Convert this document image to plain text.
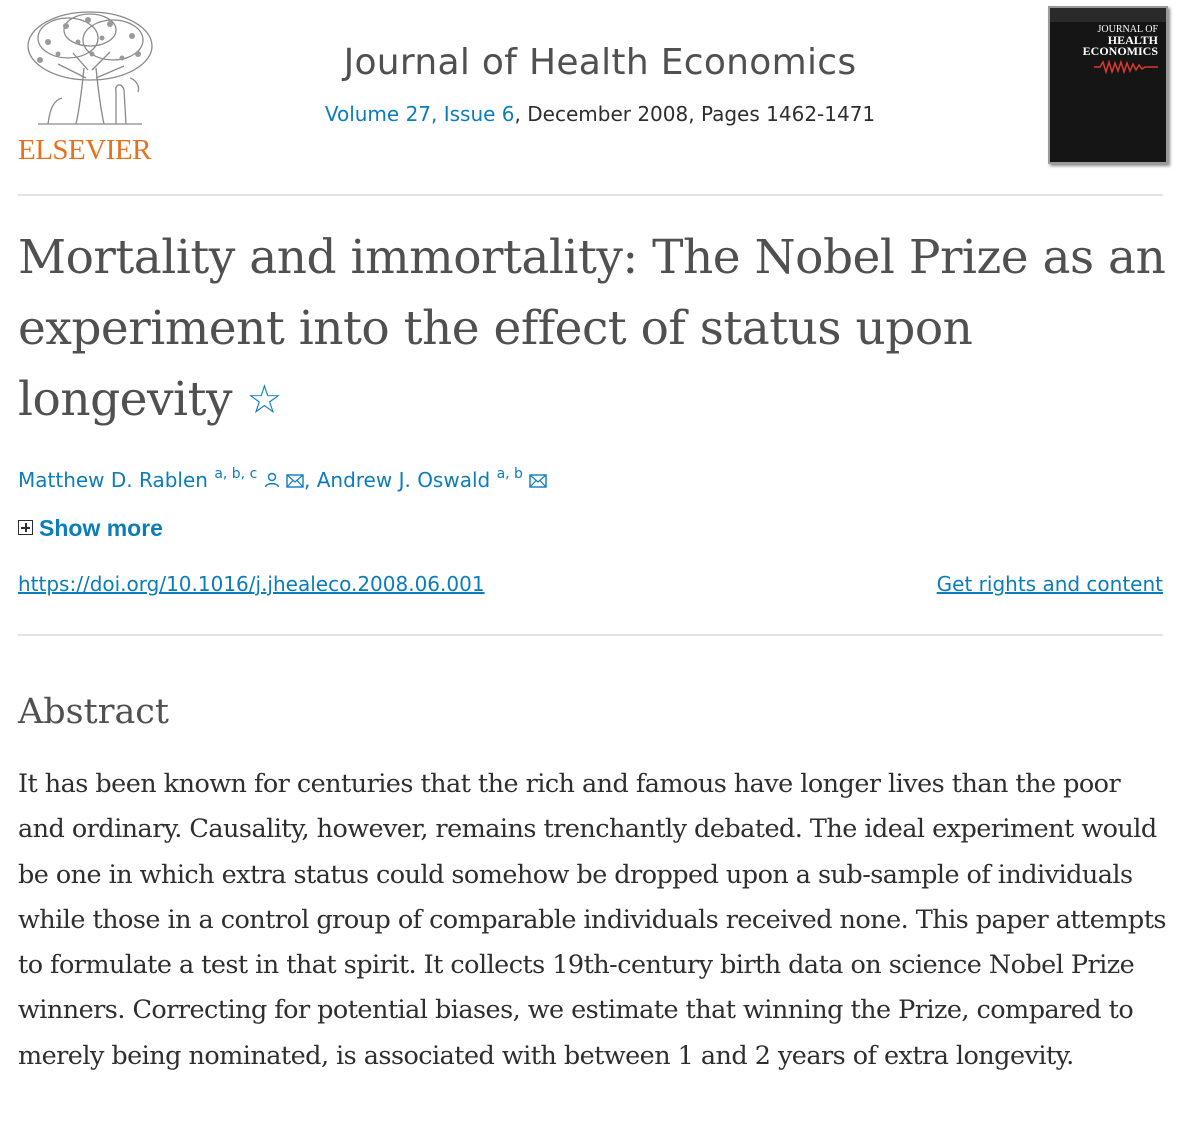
ELSEVIER
Journal of Health Economics
Volume 27, Issue 6, December 2008, Pages 1462-1471
JOURNAL OF
HEALTH
ECONOMICS
Mortality and immortality: The Nobel Prize as an experiment into the effect of status upon longevity ☆
Matthew D. Rablen $^{a, b, c}$ , Andrew J. Oswald $^{a, b}$
Show more
https://doi.org/10.1016/j.jhealeco.2008.06.001	Get rights and content
Abstract

It has been known for centuries that the rich and famous have longer lives than the poor and ordinary. Causality, however, remains trenchantly debated. The ideal experiment would be one in which extra status could somehow be dropped upon a sub-sample of individuals while those in a control group of comparable individuals received none. This paper attempts to formulate a test in that spirit. It collects 19th-century birth data on science Nobel Prize winners. Correcting for potential biases, we estimate that winning the Prize, compared to merely being nominated, is associated with between 1 and 2 years of extra longevity.
